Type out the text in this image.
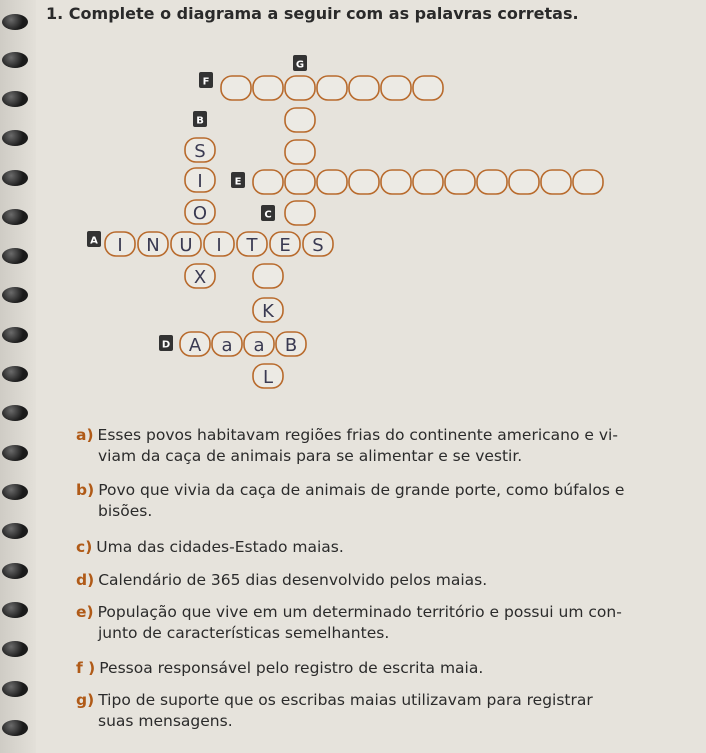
1. Complete o diagrama a seguir com as palavras corretas.
F
G
B
S
I
O
X
E
C
K
L
A I N U I T E S
D A a a B
a) Esses povos habitavam regiões frias do continente americano e vi-
viam da caça de animais para se alimentar e se vestir.
b) Povo que vivia da caça de animais de grande porte, como búfalos e
bisões.
c) Uma das cidades-Estado maias.
d) Calendário de 365 dias desenvolvido pelos maias.
e) População que vive em um determinado território e possui um con-
junto de características semelhantes.
f ) Pessoa responsável pelo registro de escrita maia.
g) Tipo de suporte que os escribas maias utilizavam para registrar
suas mensagens.
